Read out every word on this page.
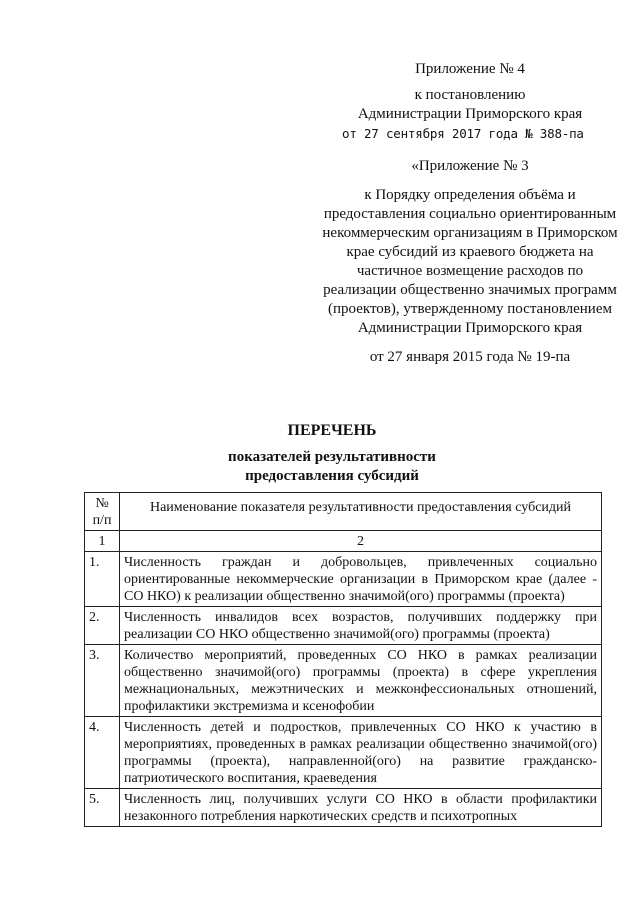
Приложение № 4

к постановлению

Администрации Приморского края

от 27 сентября 2017 года № 388-па

«Приложение № 3

к Порядку определения объёма и предоставления социально ориентированным некоммерческим организациям в Приморском крае субсидий из краевого бюджета на частичное возмещение расходов по реализации общественно значимых программ (проектов), утвержденному постановлением Администрации Приморского края

от 27 января 2015 года № 19-па

ПЕРЕЧЕНЬ

показателей результативности

предоставления субсидий

№ п/п	Наименование показателя результативности предоставления субсидий
1	2
1.	Численность граждан и добровольцев, привлеченных социально ориентированные некоммерческие организации в Приморском крае (далее - СО НКО) к реализации общественно значимой(ого) программы (проекта)
2.	Численность инвалидов всех возрастов, получивших поддержку при реализации СО НКО общественно значимой(ого) программы (проекта)
3.	Количество мероприятий, проведенных СО НКО в рамках реализации общественно значимой(ого) программы (проекта) в сфере укрепления межнациональных, межэтнических и межконфессиональных отношений, профилактики экстремизма и ксенофобии
4.	Численность детей и подростков, привлеченных СО НКО к участию в мероприятиях, проведенных в рамках реализации общественно значимой(ого) программы (проекта), направленной(ого) на развитие гражданско-патриотического воспитания, краеведения
5.	Численность лиц, получивших услуги СО НКО в области профилактики незаконного потребления наркотических средств и психотропных
